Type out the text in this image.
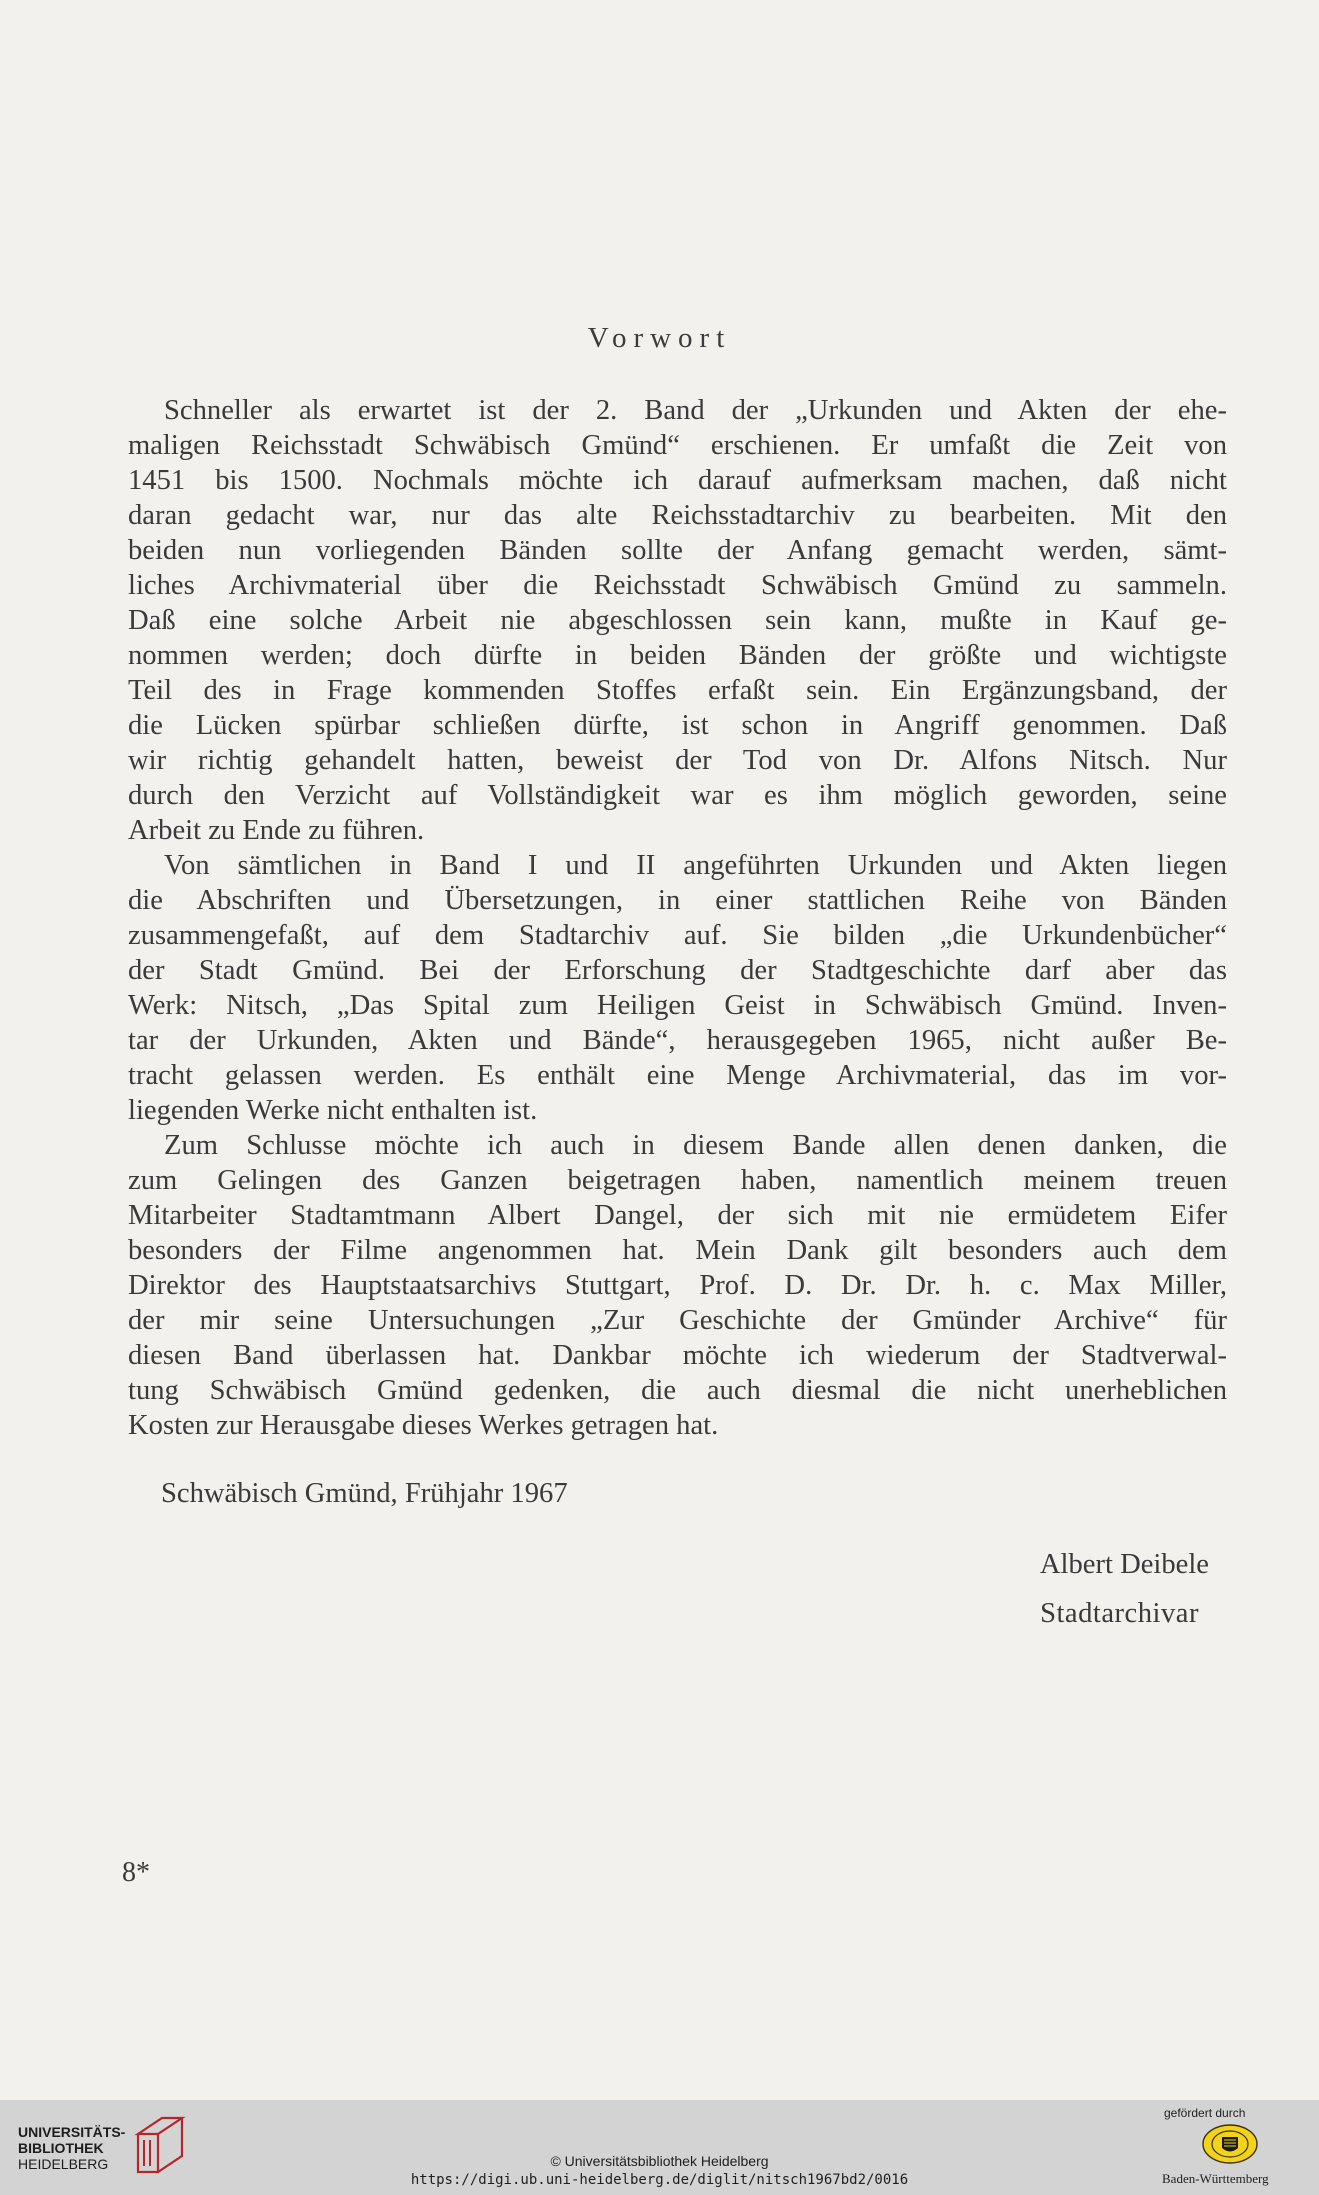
Vorwort
Schneller als erwartet ist der 2. Band der „Urkunden und Akten der ehe-
maligen Reichsstadt Schwäbisch Gmünd“ erschienen. Er umfaßt die Zeit von
1451 bis 1500. Nochmals möchte ich darauf aufmerksam machen, daß nicht
daran gedacht war, nur das alte Reichsstadtarchiv zu bearbeiten. Mit den
beiden nun vorliegenden Bänden sollte der Anfang gemacht werden, sämt-
liches Archivmaterial über die Reichsstadt Schwäbisch Gmünd zu sammeln.
Daß eine solche Arbeit nie abgeschlossen sein kann, mußte in Kauf ge-
nommen werden; doch dürfte in beiden Bänden der größte und wichtigste
Teil des in Frage kommenden Stoffes erfaßt sein. Ein Ergänzungsband, der
die Lücken spürbar schließen dürfte, ist schon in Angriff genommen. Daß
wir richtig gehandelt hatten, beweist der Tod von Dr. Alfons Nitsch. Nur
durch den Verzicht auf Vollständigkeit war es ihm möglich geworden, seine
Arbeit zu Ende zu führen.
Von sämtlichen in Band I und II angeführten Urkunden und Akten liegen
die Abschriften und Übersetzungen, in einer stattlichen Reihe von Bänden
zusammengefaßt, auf dem Stadtarchiv auf. Sie bilden „die Urkundenbücher“
der Stadt Gmünd. Bei der Erforschung der Stadtgeschichte darf aber das
Werk: Nitsch, „Das Spital zum Heiligen Geist in Schwäbisch Gmünd. Inven-
tar der Urkunden, Akten und Bände“, herausgegeben 1965, nicht außer Be-
tracht gelassen werden. Es enthält eine Menge Archivmaterial, das im vor-
liegenden Werke nicht enthalten ist.
Zum Schlusse möchte ich auch in diesem Bande allen denen danken, die
zum Gelingen des Ganzen beigetragen haben, namentlich meinem treuen
Mitarbeiter Stadtamtmann Albert Dangel, der sich mit nie ermüdetem Eifer
besonders der Filme angenommen hat. Mein Dank gilt besonders auch dem
Direktor des Hauptstaatsarchivs Stuttgart, Prof. D. Dr. Dr. h. c. Max Miller,
der mir seine Untersuchungen „Zur Geschichte der Gmünder Archive“ für
diesen Band überlassen hat. Dankbar möchte ich wiederum der Stadtverwal-
tung Schwäbisch Gmünd gedenken, die auch diesmal die nicht unerheblichen
Kosten zur Herausgabe dieses Werkes getragen hat.
Schwäbisch Gmünd, Frühjahr 1967
Albert Deibele
Stadtarchivar
8*
UNIVERSITÄTS-
BIBLIOTHEK
HEIDELBERG	© Universitätsbibliothek Heidelberg
https://digi.ub.uni-heidelberg.de/diglit/nitsch1967bd2/0016
gefördert durch
Baden-Württemberg
